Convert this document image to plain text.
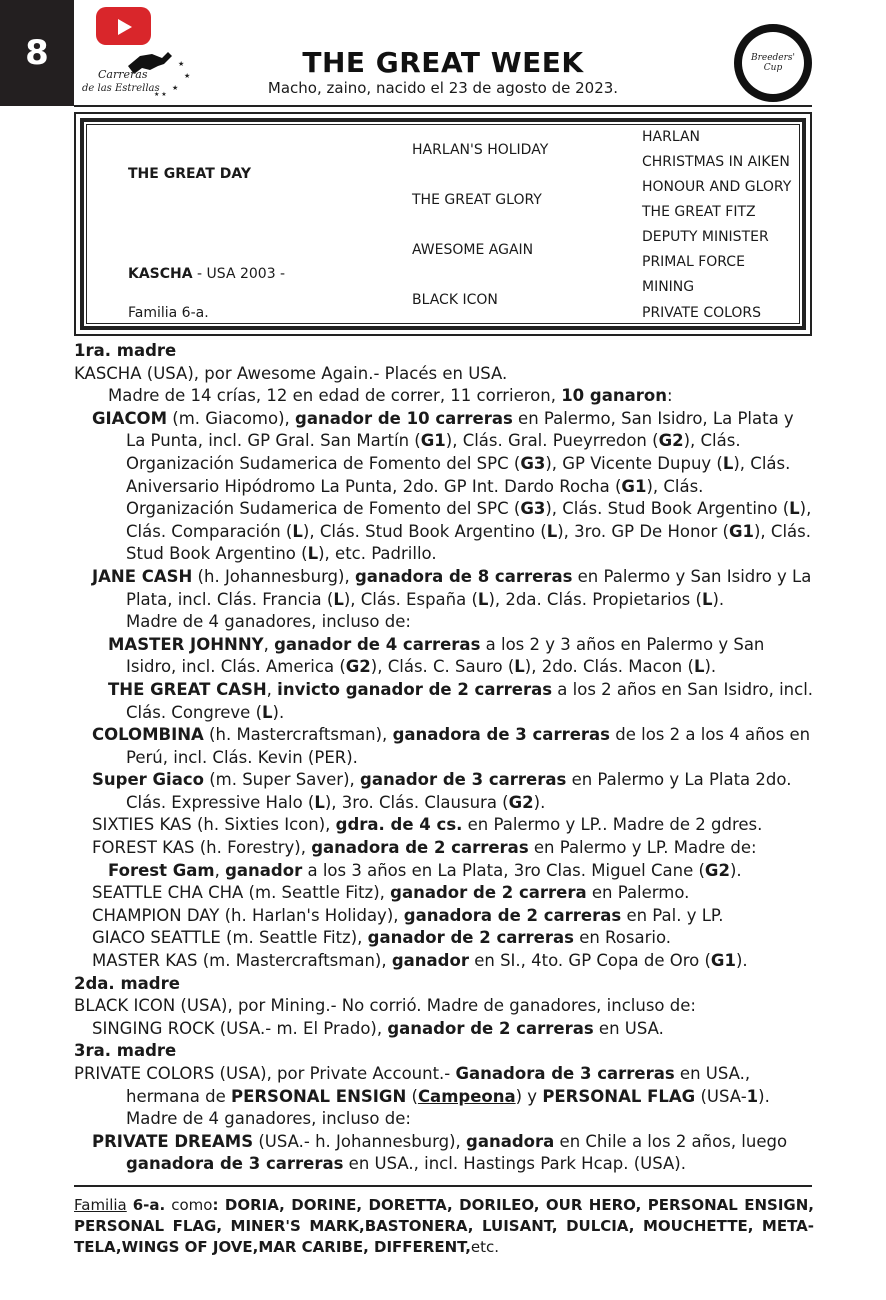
8	★
★
★
★ ★
Carreras
de las Estrellas
THE GREAT WEEK
Macho, zaino, nacido el 23 de agosto de 2023.
Breeders'
Cup
THE GREAT DAY
KASCHA - USA 2003 -
Familia 6-a.
HARLAN'S HOLIDAY
THE GREAT GLORY
AWESOME AGAIN
BLACK ICON
HARLAN
CHRISTMAS IN AIKEN
HONOUR AND GLORY
THE GREAT FITZ
DEPUTY MINISTER
PRIMAL FORCE
MINING
PRIVATE COLORS

1ra. madre

KASCHA (USA), por Awesome Again.- Placés en USA.

Madre de 14 crías, 12 en edad de correr, 11 corrieron, 10 ganaron:

GIACOM (m. Giacomo), ganador de 10 carreras en Palermo, San Isidro, La Plata y La Punta, incl. GP Gral. San Martín (G1), Clás. Gral. Pueyrredon (G2), Clás. Organización Sudamerica de Fomento del SPC (G3), GP Vicente Dupuy (L), Clás. Aniversario Hipódromo La Punta, 2do. GP Int. Dardo Rocha (G1), Clás. Organización Sudamerica de Fomento del SPC (G3), Clás. Stud Book Argentino (L), Clás. Comparación (L), Clás. Stud Book Argentino (L), 3ro. GP De Honor (G1), Clás. Stud Book Argentino (L), etc. Padrillo.

JANE CASH (h. Johannesburg), ganadora de 8 carreras en Palermo y San Isidro y La Plata, incl. Clás. Francia (L), Clás. España (L), 2da. Clás. Propietarios (L).

Madre de 4 ganadores, incluso de:

MASTER JOHNNY, ganador de 4 carreras a los 2 y 3 años en Palermo y San Isidro, incl. Clás. America (G2), Clás. C. Sauro (L), 2do. Clás. Macon (L).

THE GREAT CASH, invicto ganador de 2 carreras a los 2 años en San Isidro, incl. Clás. Congreve (L).

COLOMBINA (h. Mastercraftsman), ganadora de 3 carreras de los 2 a los 4 años en Perú, incl. Clás. Kevin (PER).

Super Giaco (m. Super Saver), ganador de 3 carreras en Palermo y La Plata 2do. Clás. Expressive Halo (L), 3ro. Clás. Clausura (G2).

SIXTIES KAS (h. Sixties Icon), gdra. de 4 cs. en Palermo y LP.. Madre de 2 gdres.

FOREST KAS (h. Forestry), ganadora de 2 carreras en Palermo y LP. Madre de:

Forest Gam, ganador a los 3 años en La Plata, 3ro Clas. Miguel Cane (G2).

SEATTLE CHA CHA (m. Seattle Fitz), ganador de 2 carrera en Palermo.

CHAMPION DAY (h. Harlan's Holiday), ganadora de 2 carreras en Pal. y LP.

GIACO SEATTLE (m. Seattle Fitz), ganador de 2 carreras en Rosario.

MASTER KAS (m. Mastercraftsman), ganador en SI., 4to. GP Copa de Oro (G1).

2da. madre

BLACK ICON (USA), por Mining.- No corrió. Madre de ganadores, incluso de:

SINGING ROCK (USA.- m. El Prado), ganador de 2 carreras en USA.

3ra. madre

PRIVATE COLORS (USA), por Private Account.- Ganadora de 3 carreras en USA., hermana de PERSONAL ENSIGN (Campeona) y PERSONAL FLAG (USA-1).

Madre de 4 ganadores, incluso de:

PRIVATE DREAMS (USA.- h. Johannesburg), ganadora en Chile a los 2 años, luego ganadora de 3 carreras en USA., incl. Hastings Park Hcap. (USA).

Familia 6-a. como: DORIA, DORINE, DORETTA, DORILEO, OUR HERO, PERSONAL ENSIGN, PERSONAL FLAG, MINER'S MARK,BASTONERA, LUISANT, DULCIA, MOUCHETTE, META-TELA,WINGS OF JOVE,MAR CARIBE, DIFFERENT,etc.
